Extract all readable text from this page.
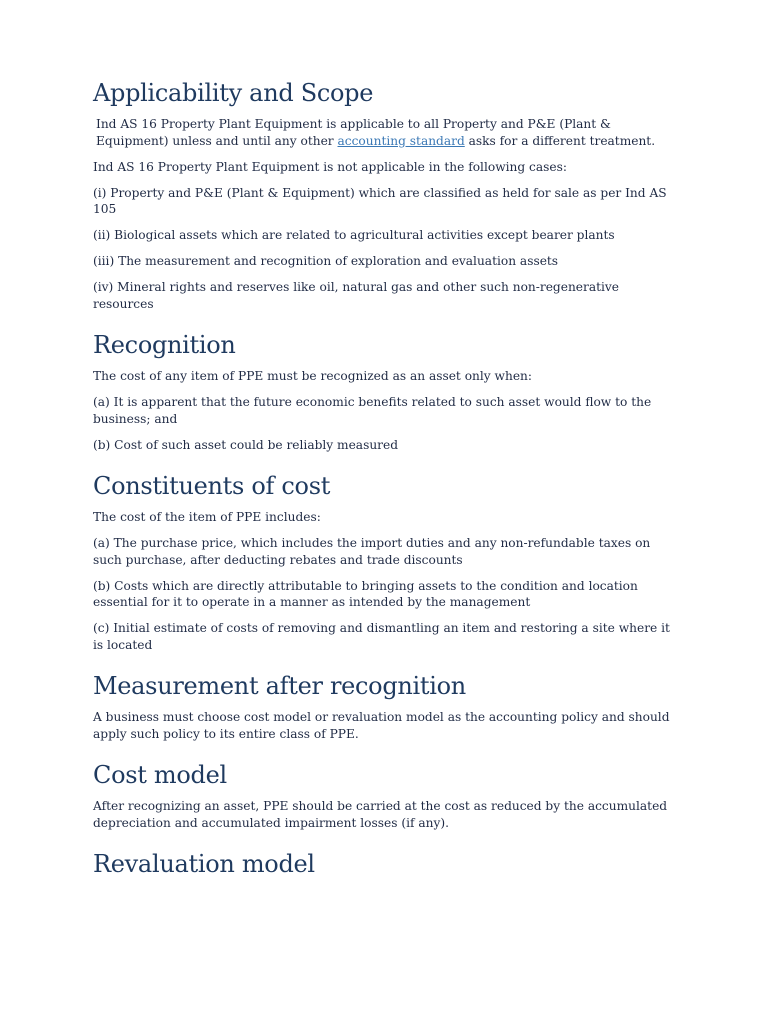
Applicability and Scope

Ind AS 16 Property Plant Equipment is applicable to all Property and P&E (Plant & Equipment) unless and until any other accounting standard asks for a different treatment.

Ind AS 16 Property Plant Equipment is not applicable in the following cases:

(i) Property and P&E (Plant & Equipment) which are classified as held for sale as per Ind AS 105

(ii) Biological assets which are related to agricultural activities except bearer plants

(iii) The measurement and recognition of exploration and evaluation assets

(iv) Mineral rights and reserves like oil, natural gas and other such non-regenerative resources

Recognition

The cost of any item of PPE must be recognized as an asset only when:

(a) It is apparent that the future economic benefits related to such asset would flow to the business; and

(b) Cost of such asset could be reliably measured

Constituents of cost

The cost of the item of PPE includes:

(a) The purchase price, which includes the import duties and any non-refundable taxes on such purchase, after deducting rebates and trade discounts

(b) Costs which are directly attributable to bringing assets to the condition and location essential for it to operate in a manner as intended by the management

(c) Initial estimate of costs of removing and dismantling an item and restoring a site where it is located

Measurement after recognition

A business must choose cost model or revaluation model as the accounting policy and should apply such policy to its entire class of PPE.

Cost model

After recognizing an asset, PPE should be carried at the cost as reduced by the accumulated depreciation and accumulated impairment losses (if any).

Revaluation model
